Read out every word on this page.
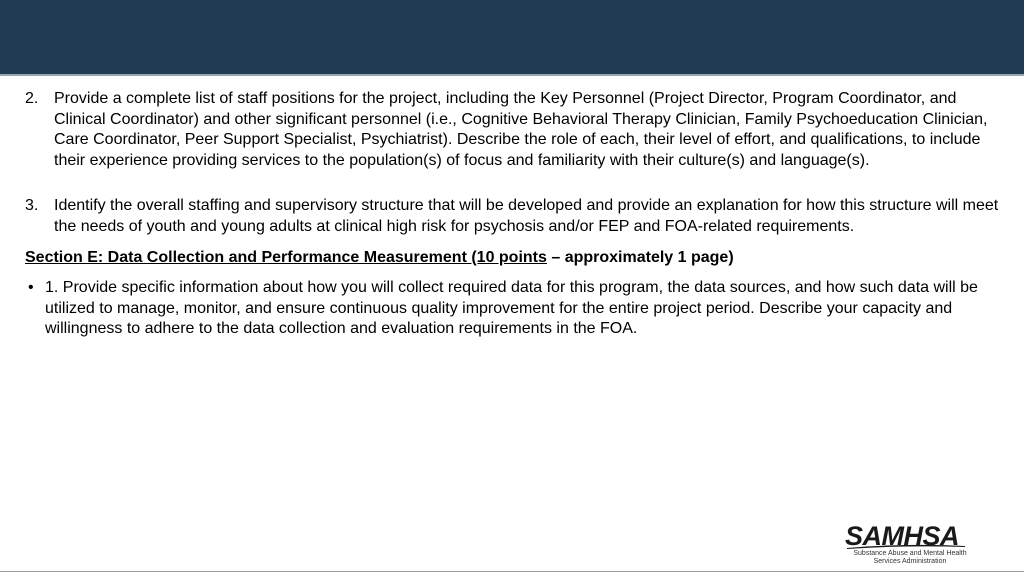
2. Provide a complete list of staff positions for the project, including the Key Personnel (Project Director, Program Coordinator, and Clinical Coordinator) and other significant personnel (i.e., Cognitive Behavioral Therapy Clinician, Family Psychoeducation Clinician, Care Coordinator, Peer Support Specialist, Psychiatrist). Describe the role of each, their level of effort, and qualifications, to include their experience providing services to the population(s) of focus and familiarity with their culture(s) and language(s).
3. Identify the overall staffing and supervisory structure that will be developed and provide an explanation for how this structure will meet the needs of youth and young adults at clinical high risk for psychosis and/or FEP and FOA-related requirements.
Section E: Data Collection and Performance Measurement (10 points – approximately 1 page)
• 1. Provide specific information about how you will collect required data for this program, the data sources, and how such data will be utilized to manage, monitor, and ensure continuous quality improvement for the entire project period. Describe your capacity and willingness to adhere to the data collection and evaluation requirements in the FOA.
SAMHSA
Substance Abuse and Mental Health
Services Administration
